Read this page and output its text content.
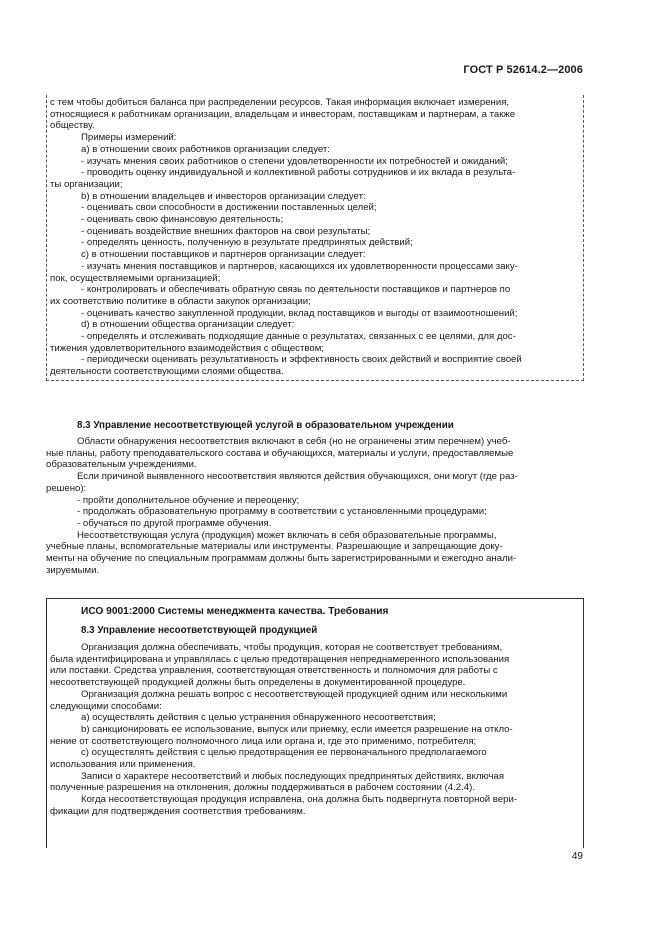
ГОСТ Р 52614.2—2006
с тем чтобы добиться баланса при распределении ресурсов. Такая информация включает измерения,
относящиеся к работникам организации, владельцам и инвесторам, поставщикам и партнерам, а также
обществу.
Примеры измерений:
а) в отношении своих работников организации следует:
- изучать мнения своих работников о степени удовлетворенности их потребностей и ожиданий;
- проводить оценку индивидуальной и коллективной работы сотрудников и их вклада в результа-
ты организации;
b) в отношении владельцев и инвесторов организации следует:
- оценивать свои способности в достижении поставленных целей;
- оценивать свою финансовую деятельность;
- оценивать воздействие внешних факторов на свои результаты;
- определять ценность, полученную в результате предпринятых действий;
с) в отношении поставщиков и партнеров организации следует:
- изучать мнения поставщиков и партнеров, касающихся их удовлетворенности процессами заку-
пок, осуществляемыми организацией;
- контролировать и обеспечивать обратную связь по деятельности поставщиков и партнеров по
их соответствию политике в области закупок организации;
- оценивать качество закупленной продукции, вклад поставщиков и выгоды от взаимоотношений;
d) в отношении общества организации следует:
- определять и отслеживать подходящие данные о результатах, связанных с ее целями, для дос-
тижения удовлетворительного взаимодействия с обществом;
- периодически оценивать результативность и эффективность своих действий и восприятие своей
деятельности соответствующими слоями общества.
8.3 Управление несоответствующей услугой в образовательном учреждении
Области обнаружения несоответствия включают в себя (но не ограничены этим перечнем) учеб-
ные планы, работу преподавательского состава и обучающихся, материалы и услуги, предоставляемые
образовательным учреждениями.
Если причиной выявленного несоответствия являются действия обучающихся, они могут (где раз-
решено):
- пройти дополнительное обучение и переоценку;
- продолжать образовательную программу в соответствии с установленными процедурами;
- обучаться по другой программе обучения.
Несоответствующая услуга (продукция) может включать в себя образовательные программы,
учебные планы, вспомогательные материалы или инструменты. Разрешающие и запрещающие доку-
менты на обучение по специальным программам должны быть зарегистрированными и ежегодно анали-
зируемыми.
ИСО 9001:2000 Системы менеджмента качества. Требования
8.3 Управление несоответствующей продукцией
Организация должна обеспечивать, чтобы продукция, которая не соответствует требованиям,
была идентифицирована и управлялась с целью предотвращения непреднамеренного использования
или поставки. Средства управления, соответствующая ответственность и полномочия для работы с
несоответствующей продукцией должны быть определены в документированной процедуре.
Организация должна решать вопрос с несоответствующей продукцией одним или несколькими
следующими способами:
a) осуществлять действия с целью устранения обнаруженного несоответствия;
b) санкционировать ее использование, выпуск или приемку, если имеется разрешение на откло-
нение от соответствующего полномочного лица или органа и, где это применимо, потребителя;
c) осуществлять действия с целью предотвращения ее первоначального предполагаемого
использования или применения.
Записи о характере несоответствий и любых последующих предпринятых действиях, включая
полученные разрешения на отклонения, должны поддерживаться в рабочем состоянии (4.2.4).
Когда несоответствующая продукция исправлена, она должна быть подвергнута повторной вери-
фикации для подтверждения соответствия требованиям.
49
